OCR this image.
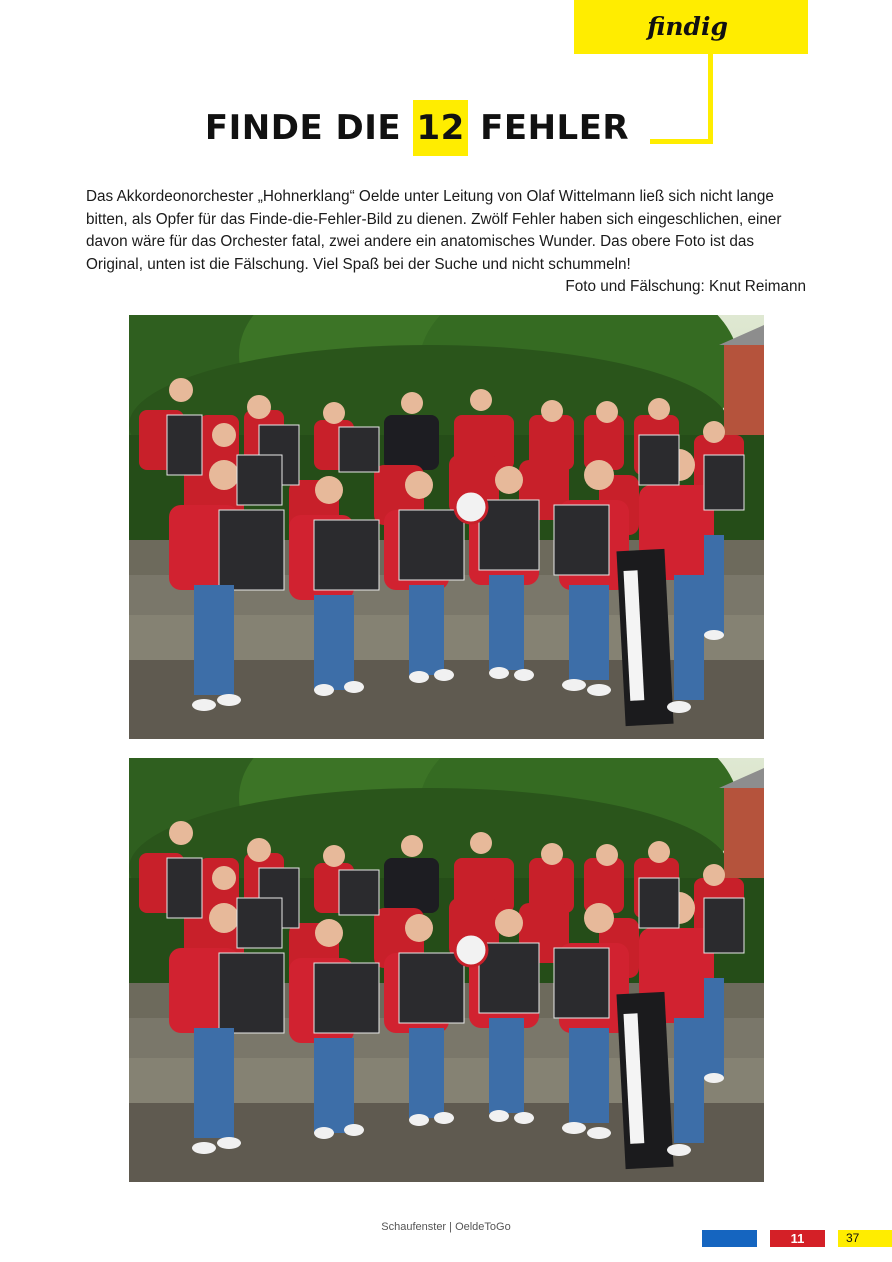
findig
FINDE DIE 12 FEHLER

Das Akkordeonorchester „Hohnerklang“ Oelde unter Leitung von Olaf Wittelmann ließ sich nicht lange bitten, als Opfer für das Finde-die-Fehler-Bild zu dienen. Zwölf Fehler haben sich eingeschlichen, einer davon wäre für das Orchester fatal, zwei andere ein anatomisches Wunder. Das obere Foto ist das Original, unten ist die Fälschung. Viel Spaß bei der Suche und nicht schummeln!

Foto und Fälschung: Knut Reimann
Schaufenster | OeldeToGo
11	37
